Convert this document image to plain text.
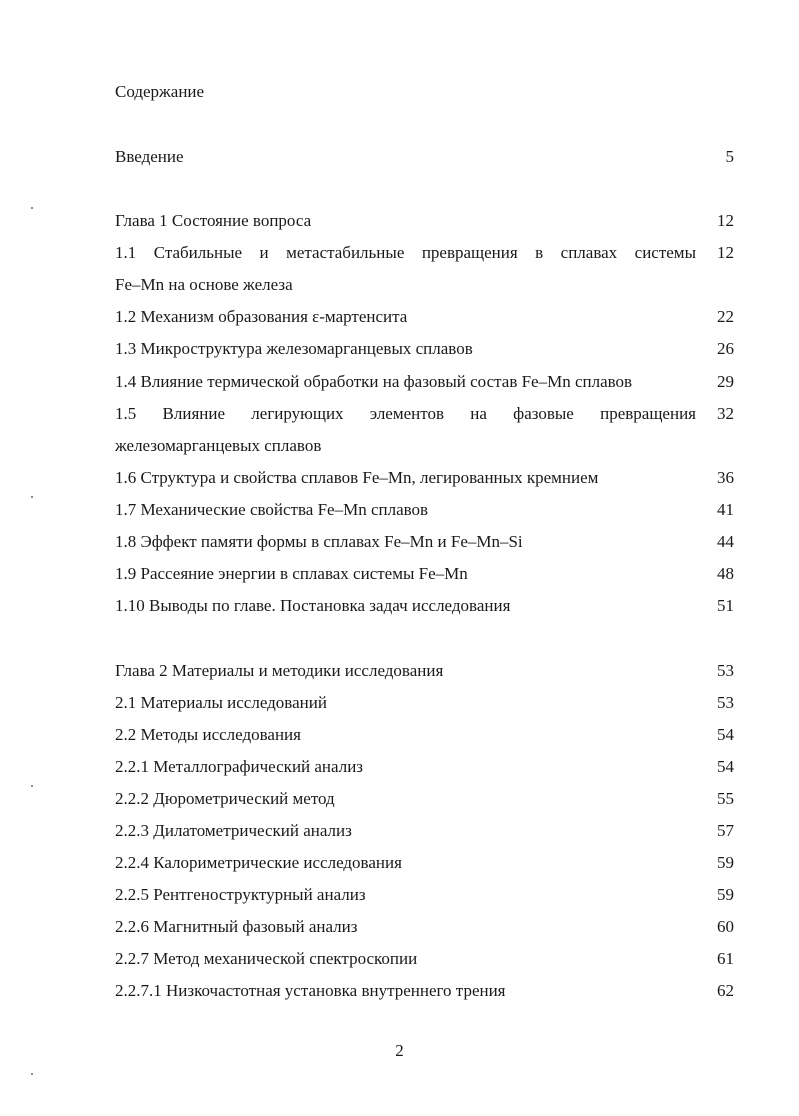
Содержание
Введение	5
Глава 1 Состояние вопроса	12
1.1 Стабильные и метастабильные превращения в сплавах системы 12
Fe–Mn на основе железа
1.2 Механизм образования ε-мартенсита	22
1.3 Микроструктура железомарганцевых сплавов	26
1.4 Влияние термической обработки на фазовый состав Fe–Mn сплавов	29
1.5 Влияние легирующих элементов на фазовые превращения 32
железомарганцевых сплавов
1.6 Структура и свойства сплавов Fe–Mn, легированных кремнием	36
1.7 Механические свойства Fe–Mn сплавов	41
1.8 Эффект памяти формы в сплавах Fe–Mn и Fe–Mn–Si	44
1.9 Рассеяние энергии в сплавах системы Fe–Mn	48
1.10 Выводы по главе. Постановка задач исследования	51
Глава 2 Материалы и методики исследования	53
2.1 Материалы исследований	53
2.2 Методы исследования	54
2.2.1 Металлографический анализ	54
2.2.2 Дюрометрический метод	55
2.2.3 Дилатометрический анализ	57
2.2.4 Калориметрические исследования	59
2.2.5 Рентгеноструктурный анализ	59
2.2.6 Магнитный фазовый анализ	60
2.2.7 Метод механической спектроскопии	61
2.2.7.1 Низкочастотная установка внутреннего трения	62
2
